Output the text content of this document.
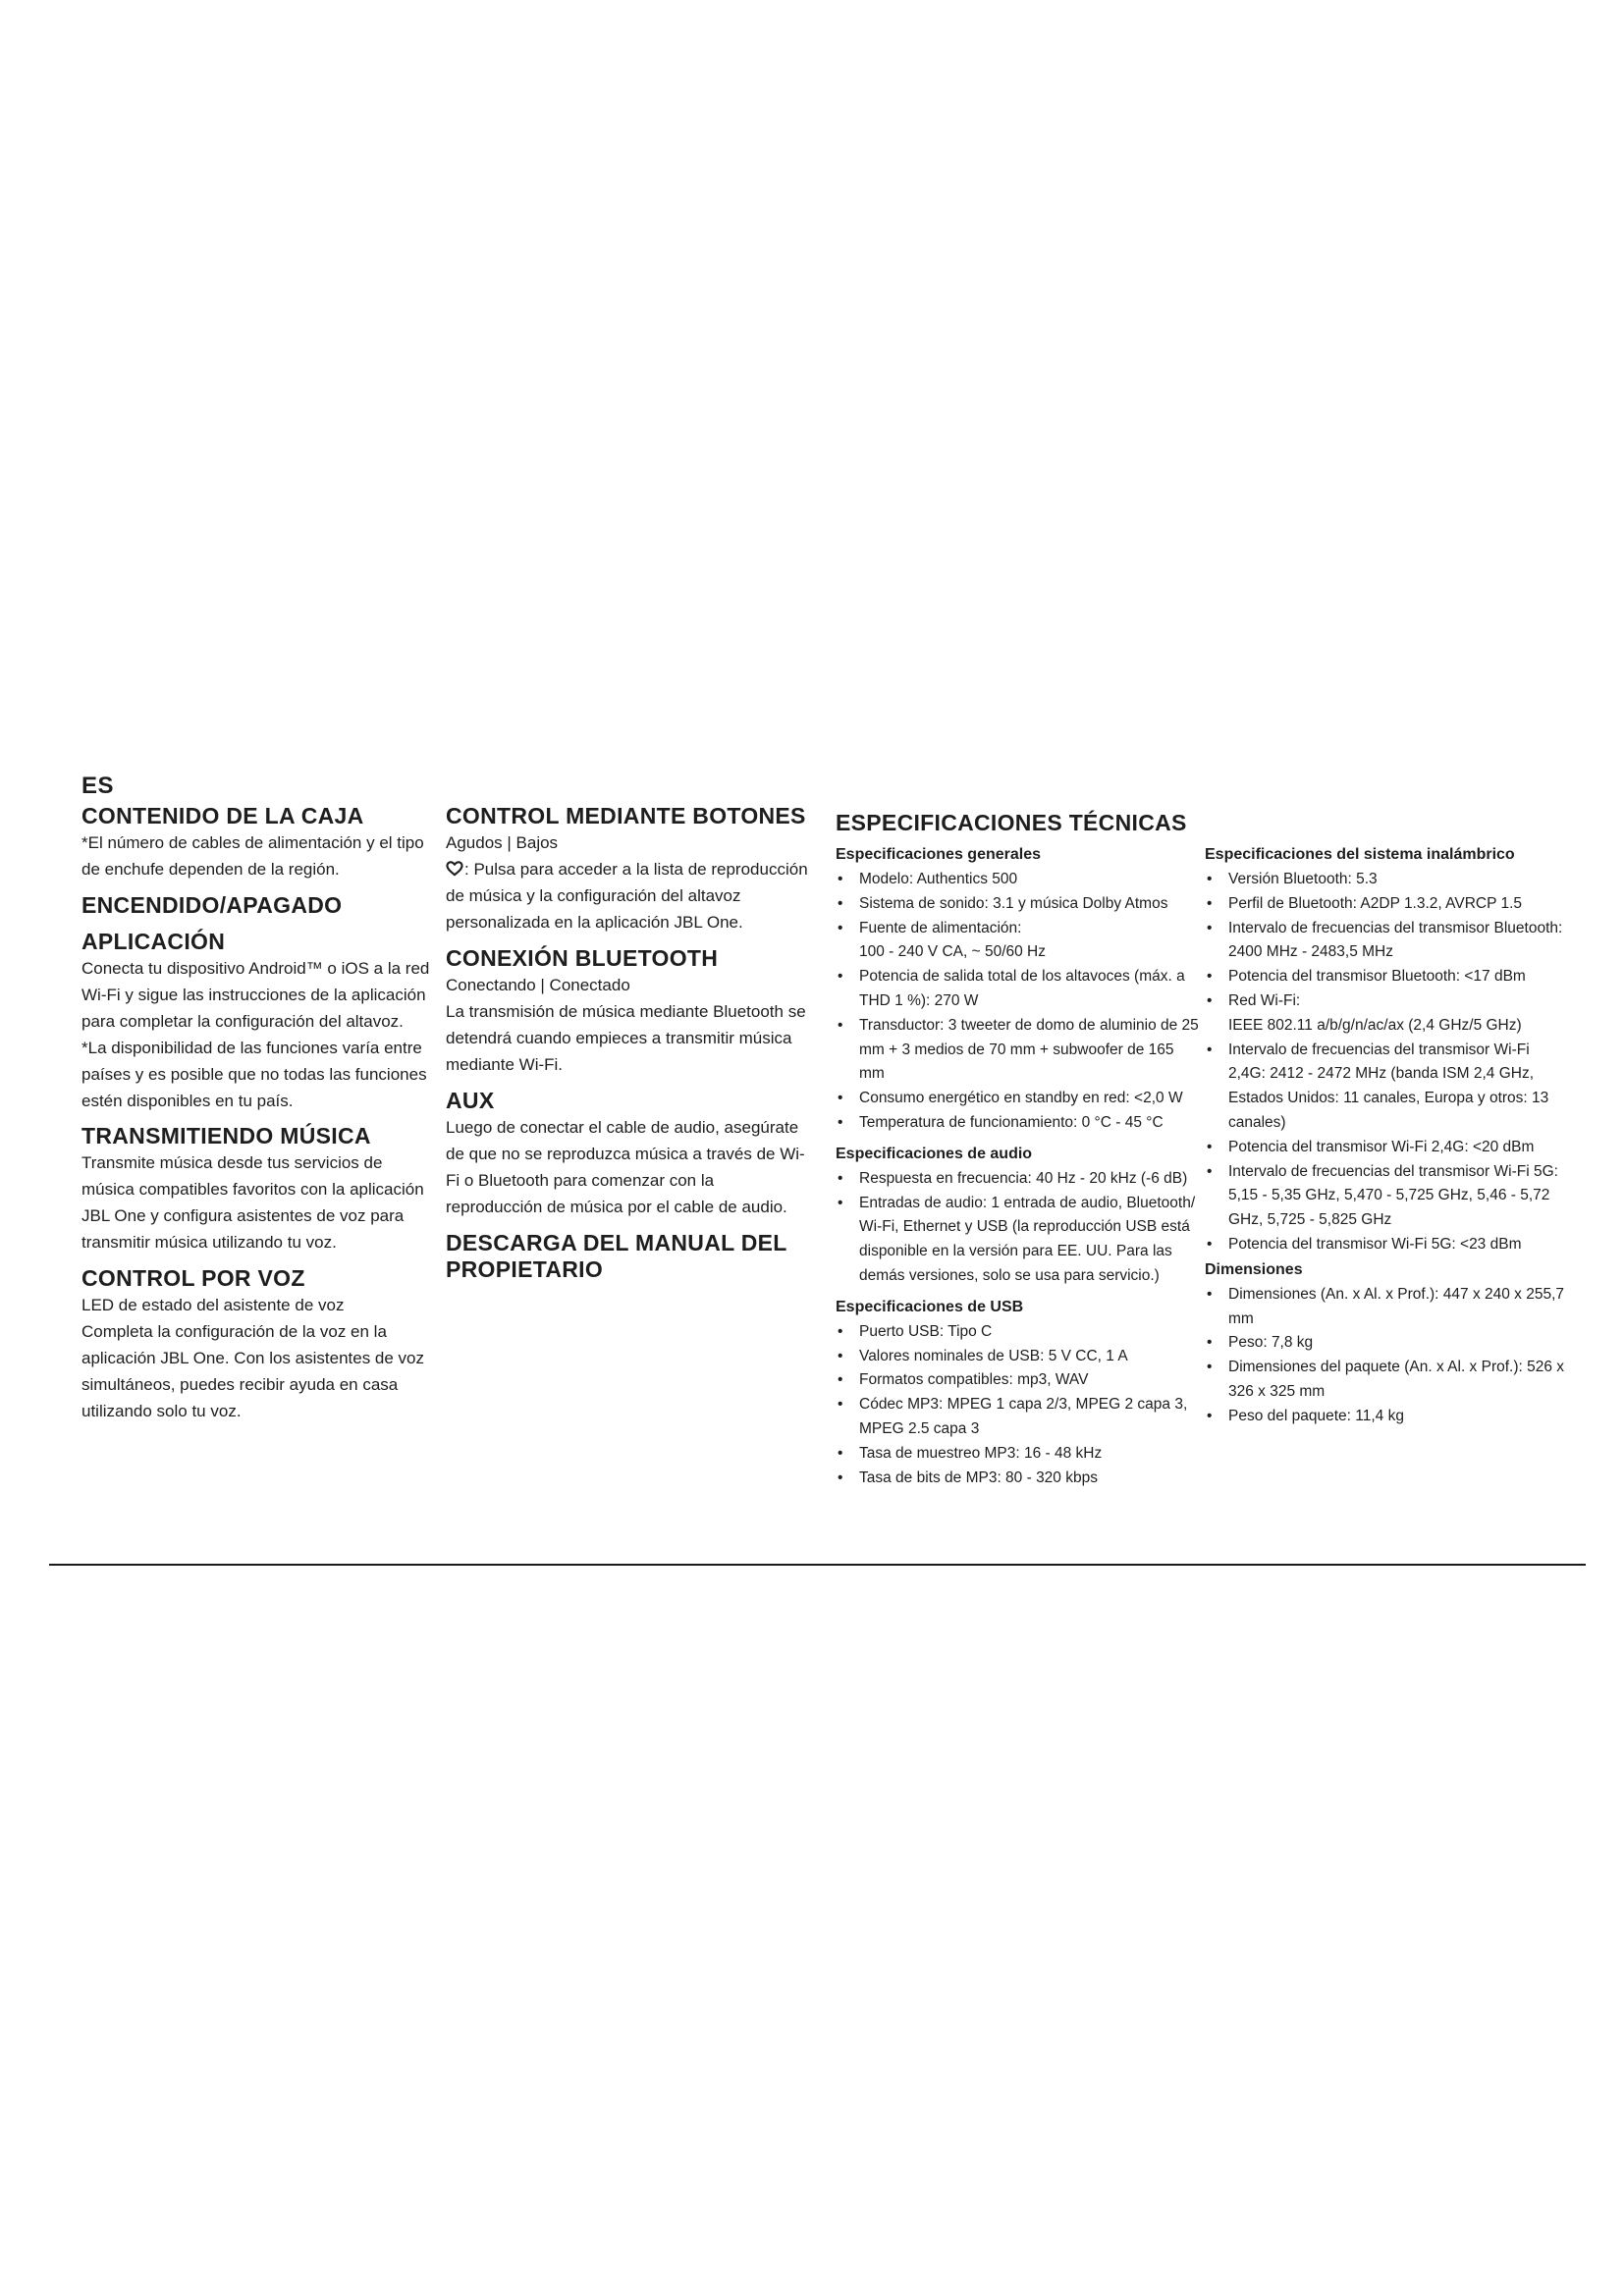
ES
CONTENIDO DE LA CAJA

*El número de cables de alimentación y el tipo de enchufe dependen de la región.

ENCENDIDO/APAGADO
APLICACIÓN

Conecta tu dispositivo Android™ o iOS a la red Wi-Fi y sigue las instrucciones de la aplicación para completar la configuración del altavoz.

*La disponibilidad de las funciones varía entre países y es posible que no todas las funciones estén disponibles en tu país.

TRANSMITIENDO MÚSICA

Transmite música desde tus servicios de música compatibles favoritos con la aplicación JBL One y configura asistentes de voz para transmitir música utilizando tu voz.

CONTROL POR VOZ

LED de estado del asistente de voz

Completa la configuración de la voz en la aplicación JBL One. Con los asistentes de voz simultáneos, puedes recibir ayuda en casa utilizando solo tu voz.

CONTROL MEDIANTE BOTONES

Agudos | Bajos

: Pulsa para acceder a la lista de reproducción de música y la configuración del altavoz personalizada en la aplicación JBL One.

CONEXIÓN BLUETOOTH

Conectando | Conectado

La transmisión de música mediante Bluetooth se detendrá cuando empieces a transmitir música mediante Wi-Fi.

AUX

Luego de conectar el cable de audio, asegúrate de que no se reproduzca música a través de Wi-Fi o Bluetooth para comenzar con la reproducción de música por el cable de audio.

DESCARGA DEL MANUAL DEL PROPIETARIO
ESPECIFICACIONES TÉCNICAS
Especificaciones generales
• Modelo: Authentics 500
• Sistema de sonido: 3.1 y música Dolby Atmos
• Fuente de alimentación:
100 - 240 V CA, ~ 50/60 Hz
• Potencia de salida total de los altavoces (máx. a THD 1 %): 270 W
• Transductor: 3 tweeter de domo de aluminio de 25 mm + 3 medios de 70 mm + subwoofer de 165 mm
• Consumo energético en standby en red: <2,0 W
• Temperatura de funcionamiento: 0 °C - 45 °C
Especificaciones de audio
• Respuesta en frecuencia: 40 Hz - 20 kHz (-6 dB)
• Entradas de audio: 1 entrada de audio, Bluetooth/ Wi-Fi, Ethernet y USB (la reproducción USB está disponible en la versión para EE. UU. Para las demás versiones, solo se usa para servicio.)
Especificaciones de USB
• Puerto USB: Tipo C
• Valores nominales de USB: 5 V CC, 1 A
• Formatos compatibles: mp3, WAV
• Códec MP3: MPEG 1 capa 2/3, MPEG 2 capa 3, MPEG 2.5 capa 3
• Tasa de muestreo MP3: 16 - 48 kHz
• Tasa de bits de MP3: 80 - 320 kbps
Especificaciones del sistema inalámbrico
• Versión Bluetooth: 5.3
• Perfil de Bluetooth: A2DP 1.3.2, AVRCP 1.5
• Intervalo de frecuencias del transmisor Bluetooth: 2400 MHz - 2483,5 MHz
• Potencia del transmisor Bluetooth: <17 dBm
• Red Wi-Fi:
IEEE 802.11 a/b/g/n/ac/ax (2,4 GHz/5 GHz)
• Intervalo de frecuencias del transmisor Wi-Fi 2,4G: 2412 - 2472 MHz (banda ISM 2,4 GHz, Estados Unidos: 11 canales, Europa y otros: 13 canales)
• Potencia del transmisor Wi-Fi 2,4G: <20 dBm
• Intervalo de frecuencias del transmisor Wi-Fi 5G: 5,15 - 5,35 GHz, 5,470 - 5,725 GHz, 5,46 - 5,72 GHz, 5,725 - 5,825 GHz
• Potencia del transmisor Wi-Fi 5G: <23 dBm
Dimensiones
• Dimensiones (An. x Al. x Prof.): 447 x 240 x 255,7 mm
• Peso: 7,8 kg
• Dimensiones del paquete (An. x Al. x Prof.): 526 x 326 x 325 mm
• Peso del paquete: 11,4 kg
